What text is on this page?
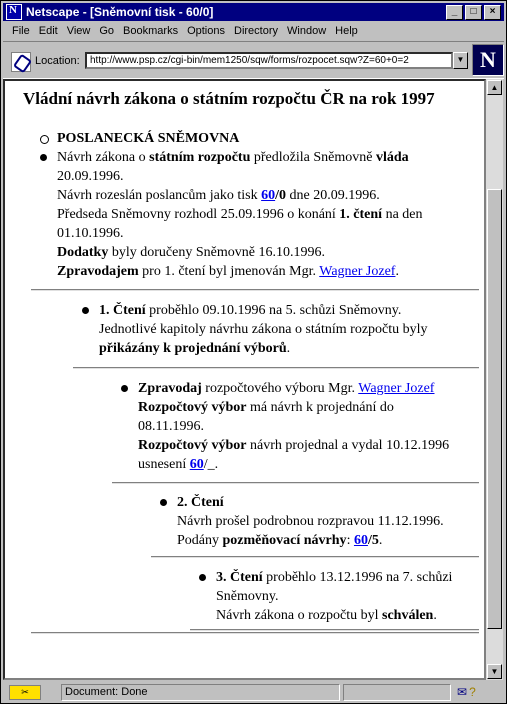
N
Netscape - [Sněmovní tisk - 60/0]	_	□	×
File Edit View Go Bookmarks Options Directory Window Help
Location:	http://www.psp.cz/cgi-bin/mem1250/sqw/forms/rozpocet.sqw?Z=60+0=2	▼ N
Vládní návrh zákona o státním rozpočtu ČR na rok 1997
POSLANECKÁ SNĚMOVNA
Návrh zákona o státním rozpočtu předložila Sněmovně vláda
20.09.1996.
Návrh rozeslán poslancům jako tisk 60/0 dne 20.09.1996.
Předseda Sněmovny rozhodl 25.09.1996 o konání 1. čtení na den
01.10.1996.
Dodatky byly doručeny Sněmovně 16.10.1996.
Zpravodajem pro 1. čtení byl jmenován Mgr. Wagner Jozef.
1. Čtení proběhlo 09.10.1996 na 5. schůzi Sněmovny.
Jednotlivé kapitoly návrhu zákona o státním rozpočtu byly
přikázány k projednání výborů.
Zpravodaj rozpočtového výboru Mgr. Wagner Jozef
Rozpočtový výbor má návrh k projednání do
08.11.1996.
Rozpočtový výbor návrh projednal a vydal 10.12.1996
usnesení 60/_.
2. Čtení
Návrh prošel podrobnou rozpravou 11.12.1996.
Podány pozměňovací návrhy: 60/5.
3. Čtení proběhlo 13.12.1996 na 7. schůzi
Sněmovny.
Návrh zákona o rozpočtu byl schválen.
▲
▼
✂	Document: Done	✉ ?
